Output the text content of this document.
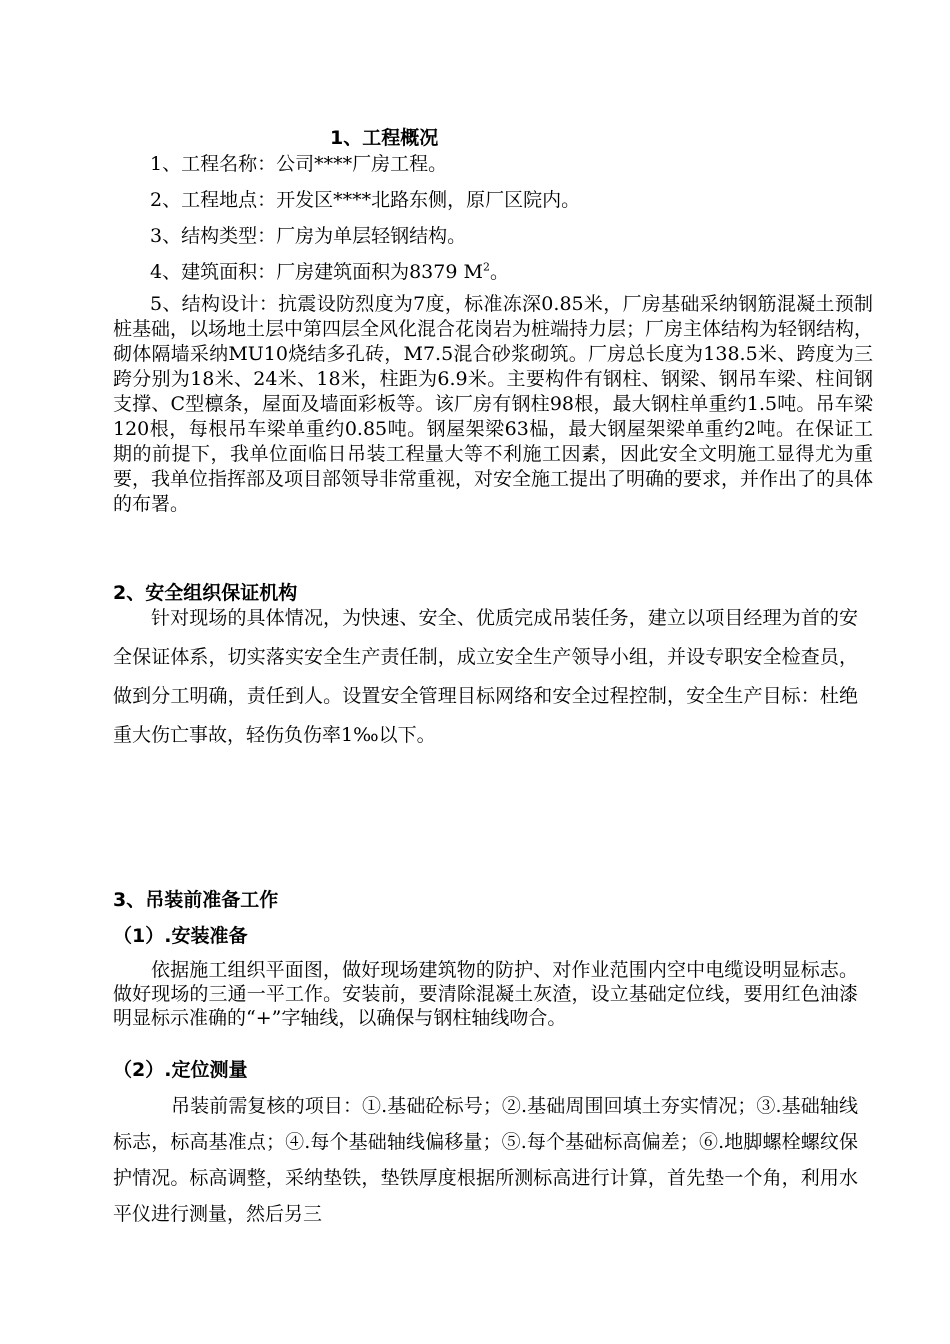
1、工程概况
1、工程名称：公司****厂房工程。
2、工程地点：开发区****北路东侧，原厂区院内。
3、结构类型：厂房为单层轻钢结构。
4、建筑面积：厂房建筑面积为8379 $M^2$。

5、结构设计：抗震设防烈度为7度，标准冻深0.85米，厂房基础采纳钢筋混凝土预制桩基础，以场地土层中第四层全风化混合花岗岩为桩端持力层；厂房主体结构为轻钢结构，砌体隔墙采纳MU10烧结多孔砖，M7.5混合砂浆砌筑。厂房总长度为138.5米、跨度为三跨分别为18米、24米、18米，柱距为6.9米。主要构件有钢柱、钢梁、钢吊车梁、柱间钢支撑、C型檩条，屋面及墙面彩板等。该厂房有钢柱98根，最大钢柱单重约1.5吨。吊车梁120根，每根吊车梁单重约0.85吨。钢屋架梁63榀，最大钢屋架梁单重约2吨。在保证工期的前提下，我单位面临日吊装工程量大等不利施工因素，因此安全文明施工显得尤为重要，我单位指挥部及项目部领导非常重视，对安全施工提出了明确的要求，并作出了的具体的布署。

2、安全组织保证机构

针对现场的具体情况，为快速、安全、优质完成吊装任务，建立以项目经理为首的安全保证体系，切实落实安全生产责任制，成立安全生产领导小组，并设专职安全检查员，做到分工明确，责任到人。设置安全管理目标网络和安全过程控制，安全生产目标：杜绝重大伤亡事故，轻伤负伤率1‰以下。

3、吊装前准备工作
（1）.安装准备

依据施工组织平面图，做好现场建筑物的防护、对作业范围内空中电缆设明显标志。做好现场的三通一平工作。安装前，要清除混凝土灰渣，设立基础定位线，要用红色油漆明显标示准确的“+”字轴线，以确保与钢柱轴线吻合。

（2）.定位测量

吊装前需复核的项目：①.基础砼标号；②.基础周围回填土夯实情况；③.基础轴线标志，标高基准点；④.每个基础轴线偏移量；⑤.每个基础标高偏差；⑥.地脚螺栓螺纹保护情况。标高调整，采纳垫铁，垫铁厚度根据所测标高进行计算，首先垫一个角，利用水平仪进行测量，然后另三
